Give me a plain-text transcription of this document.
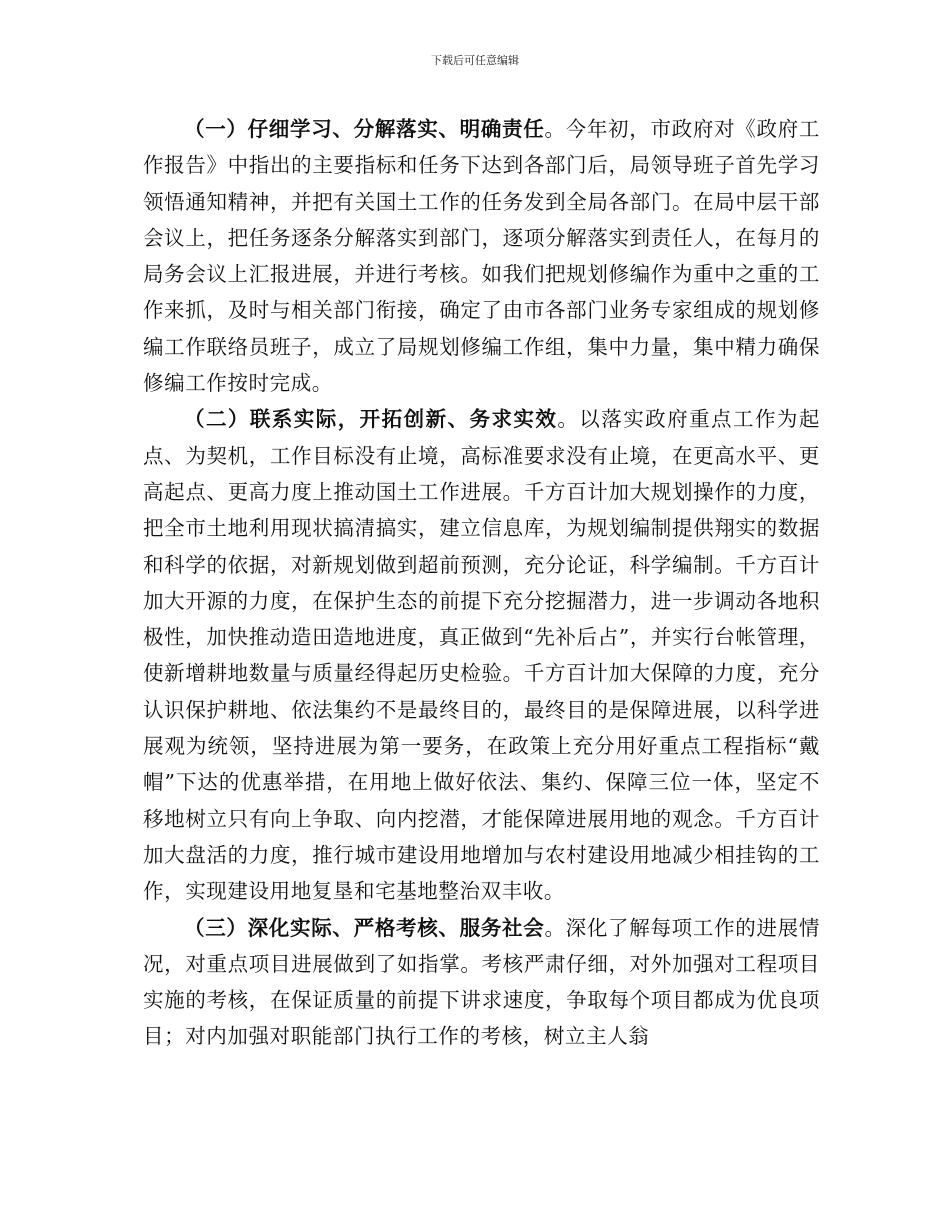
下载后可任意编辑

（一）仔细学习、分解落实、明确责任。今年初，市政府对《政府工作报告》中指出的主要指标和任务下达到各部门后，局领导班子首先学习领悟通知精神，并把有关国土工作的任务发到全局各部门。在局中层干部会议上，把任务逐条分解落实到部门，逐项分解落实到责任人，在每月的局务会议上汇报进展，并进行考核。如我们把规划修编作为重中之重的工作来抓，及时与相关部门衔接，确定了由市各部门业务专家组成的规划修编工作联络员班子，成立了局规划修编工作组，集中力量，集中精力确保修编工作按时完成。

（二）联系实际，开拓创新、务求实效。以落实政府重点工作为起点、为契机，工作目标没有止境，高标准要求没有止境，在更高水平、更高起点、更高力度上推动国土工作进展。千方百计加大规划操作的力度，把全市土地利用现状搞清搞实，建立信息库，为规划编制提供翔实的数据和科学的依据，对新规划做到超前预测，充分论证，科学编制。千方百计加大开源的力度，在保护生态的前提下充分挖掘潜力，进一步调动各地积极性，加快推动造田造地进度，真正做到“先补后占”，并实行台帐管理，使新增耕地数量与质量经得起历史检验。千方百计加大保障的力度，充分认识保护耕地、依法集约不是最终目的，最终目的是保障进展，以科学进展观为统领，坚持进展为第一要务，在政策上充分用好重点工程指标“戴帽”下达的优惠举措，在用地上做好依法、集约、保障三位一体，坚定不移地树立只有向上争取、向内挖潜，才能保障进展用地的观念。千方百计加大盘活的力度，推行城市建设用地增加与农村建设用地减少相挂钩的工作，实现建设用地复垦和宅基地整治双丰收。

（三）深化实际、严格考核、服务社会。深化了解每项工作的进展情况，对重点项目进展做到了如指掌。考核严肃仔细，对外加强对工程项目实施的考核，在保证质量的前提下讲求速度，争取每个项目都成为优良项目；对内加强对职能部门执行工作的考核，树立主人翁
